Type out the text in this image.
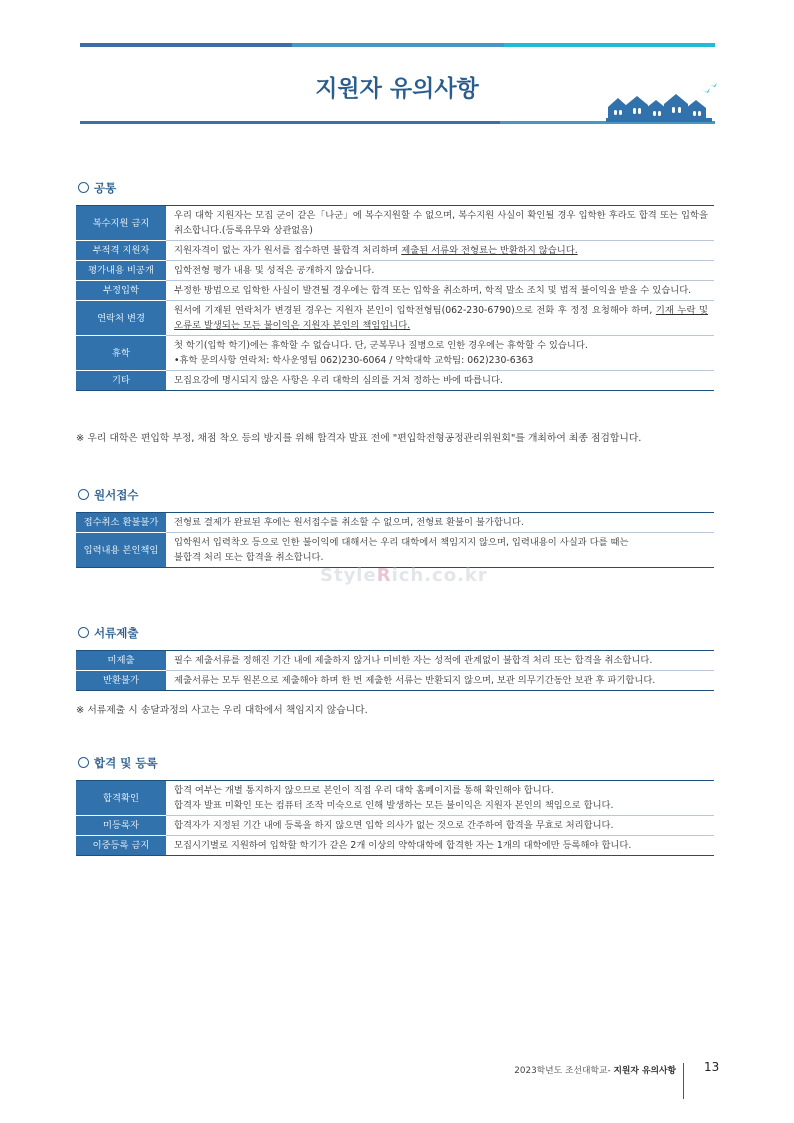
지원자 유의사항
공통
복수지원 금지	우리 대학 지원자는 모집 군이 같은「나군」에 복수지원할 수 없으며, 복수지원 사실이 확인될 경우 입학한 후라도 합격 또는 입학을 취소합니다.(등록유무와 상관없음)
부적격 지원자	지원자격이 없는 자가 원서를 접수하면 불합격 처리하며 제출된 서류와 전형료는 반환하지 않습니다.
평가내용 비공개	입학전형 평가 내용 및 성적은 공개하지 않습니다.
부정입학	부정한 방법으로 입학한 사실이 발견될 경우에는 합격 또는 입학을 취소하며, 학적 말소 조치 및 법적 불이익을 받을 수 있습니다.
연락처 변경	원서에 기재된 연락처가 변경된 경우는 지원자 본인이 입학전형팀(062-230-6790)으로 전화 후 정정 요청해야 하며, 기재 누락 및 오류로 발생되는 모든 불이익은 지원자 본인의 책임입니다.
휴학	첫 학기(입학 학기)에는 휴학할 수 없습니다. 단, 군복무나 질병으로 인한 경우에는 휴학할 수 있습니다.
•휴학 문의사항 연락처: 학사운영팀 062)230-6064 / 약학대학 교학팀: 062)230-6363

기타	모집요강에 명시되지 않은 사항은 우리 대학의 심의를 거쳐 정하는 바에 따릅니다.
※ 우리 대학은 편입학 부정, 채점 착오 등의 방지를 위해 합격자 발표 전에 "편입학전형공정관리위원회"를 개최하여 최종 점검합니다.
원서접수
접수취소 환불불가	전형료 결제가 완료된 후에는 원서접수를 취소할 수 없으며, 전형료 환불이 불가합니다.
입력내용 본인책임	입학원서 입력착오 등으로 인한 불이익에 대해서는 우리 대학에서 책임지지 않으며, 입력내용이 사실과 다를 때는
불합격 처리 또는 합격을 취소합니다.
서류제출
미제출	필수 제출서류를 정해진 기간 내에 제출하지 않거나 미비한 자는 성적에 관계없이 불합격 처리 또는 합격을 취소합니다.
반환불가	제출서류는 모두 원본으로 제출해야 하며 한 번 제출한 서류는 반환되지 않으며, 보관 의무기간동안 보관 후 파기합니다.
※ 서류제출 시 송달과정의 사고는 우리 대학에서 책임지지 않습니다.
합격 및 등록
합격확인	합격 여부는 개별 통지하지 않으므로 본인이 직접 우리 대학 홈페이지를 통해 확인해야 합니다.
합격자 발표 미확인 또는 컴퓨터 조작 미숙으로 인해 발생하는 모든 불이익은 지원자 본인의 책임으로 합니다.

미등록자	합격자가 지정된 기간 내에 등록을 하지 않으면 입학 의사가 없는 것으로 간주하여 합격을 무효로 처리합니다.
이중등록 금지	모집시기별로 지원하여 입학할 학기가 같은 2개 이상의 약학대학에 합격한 자는 1개의 대학에만 등록해야 합니다.
StyleRich.co.kr
2023학년도 조선대학교- 지원자 유의사항 13
